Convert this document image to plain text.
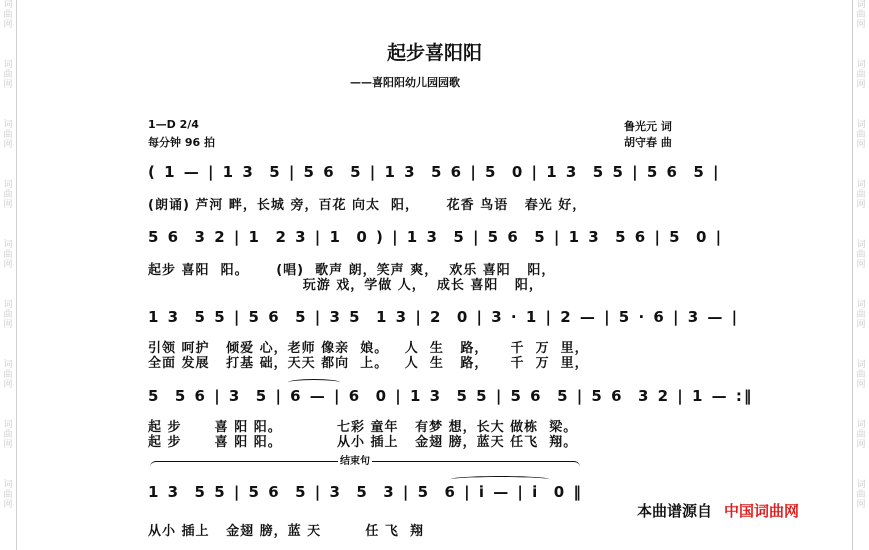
词曲网
词曲网
词曲网
词曲网
词曲网
词曲网
词曲网
词曲网
词曲网
词曲网
词曲网
词曲网
词曲网
词曲网
词曲网
词曲网
词曲网
词曲网
起步喜阳阳
——喜阳阳幼儿园园歌
1—D 2/4
每分钟 96 拍
鲁光元 词
胡守春 曲
( 1 — | 1 3  5 | 5 6  5 | 1 3  5 6 | 5  0 | 1 3  5 5 | 5 6  5 |
(朗诵) 芦河 畔，长城 旁，百花 向太  阳，     花香 鸟语   春光 好，
5 6  3 2 | 1  2 3 | 1  0 ) | 1 3  5 | 5 6  5 | 1 3  5 6 | 5  0 |
起步 喜阳  阳。     (唱)  歌声 朗，笑声 爽，  欢乐 喜阳   阳，
玩游 戏，学做 人，  成长 喜阳   阳，
1 3  5 5 | 5 6  5 | 3 5  1 3 | 2  0 | 3 · 1 | 2 — | 5 · 6 | 3 — |
引领 呵护   倾爱 心，老师 像亲  娘。   人  生   路，    千  万  里，
全面 发展   打基 础，天天 都向  上。   人  生   路，    千  万  里，
5  5 6 | 3  5 | 6 — | 6  0 | 1 3  5 5 | 5 6  5 | 5 6  3 2 | 1 — :‖
起 步      喜 阳 阳。          七彩 童年   有梦 想，长大 做栋  梁。
起 步      喜 阳 阳。          从小 插上   金翅 膀，蓝天 任飞  翔。
结束句
1 3  5 5 | 5 6  5 | 3  5  3 | 5  6 | i̇ — | i̇  0 ‖
从小 插上   金翅 膀，蓝 天        任 飞  翔
本曲谱源自 中国词曲网
